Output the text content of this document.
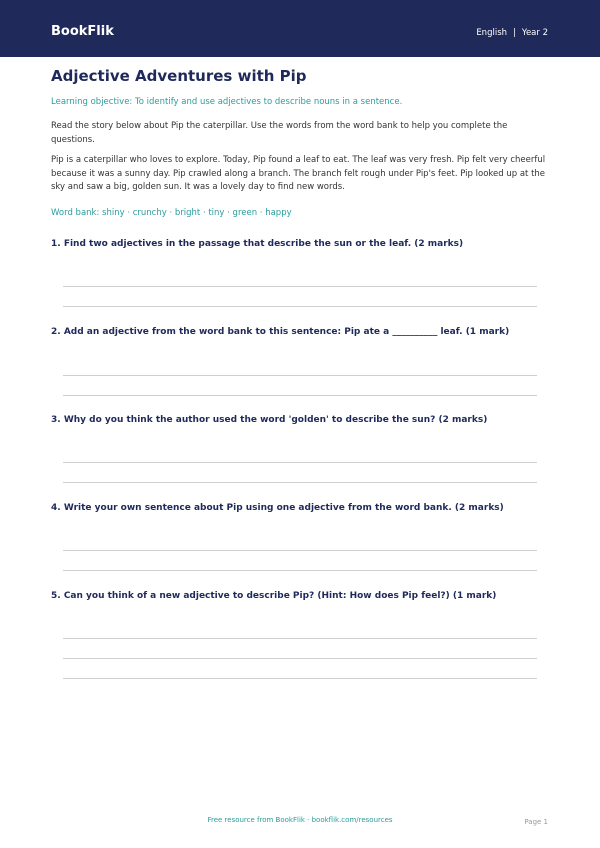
BookFlik	English | Year 2
Adjective Adventures with Pip
Learning objective: To identify and use adjectives to describe nouns in a sentence.
Read the story below about Pip the caterpillar. Use the words from the word bank to help you complete the questions.
Pip is a caterpillar who loves to explore. Today, Pip found a leaf to eat. The leaf was very fresh. Pip felt very cheerful because it was a sunny day. Pip crawled along a branch. The branch felt rough under Pip's feet. Pip looked up at the sky and saw a big, golden sun. It was a lovely day to find new words.
Word bank: shiny · crunchy · bright · tiny · green · happy
1. Find two adjectives in the passage that describe the sun or the leaf. (2 marks)
2. Add an adjective from the word bank to this sentence: Pip ate a __________ leaf. (1 mark)
3. Why do you think the author used the word 'golden' to describe the sun? (2 marks)
4. Write your own sentence about Pip using one adjective from the word bank. (2 marks)
5. Can you think of a new adjective to describe Pip? (Hint: How does Pip feel?) (1 mark)
Free resource from BookFlik · bookflik.com/resources	Page 1
